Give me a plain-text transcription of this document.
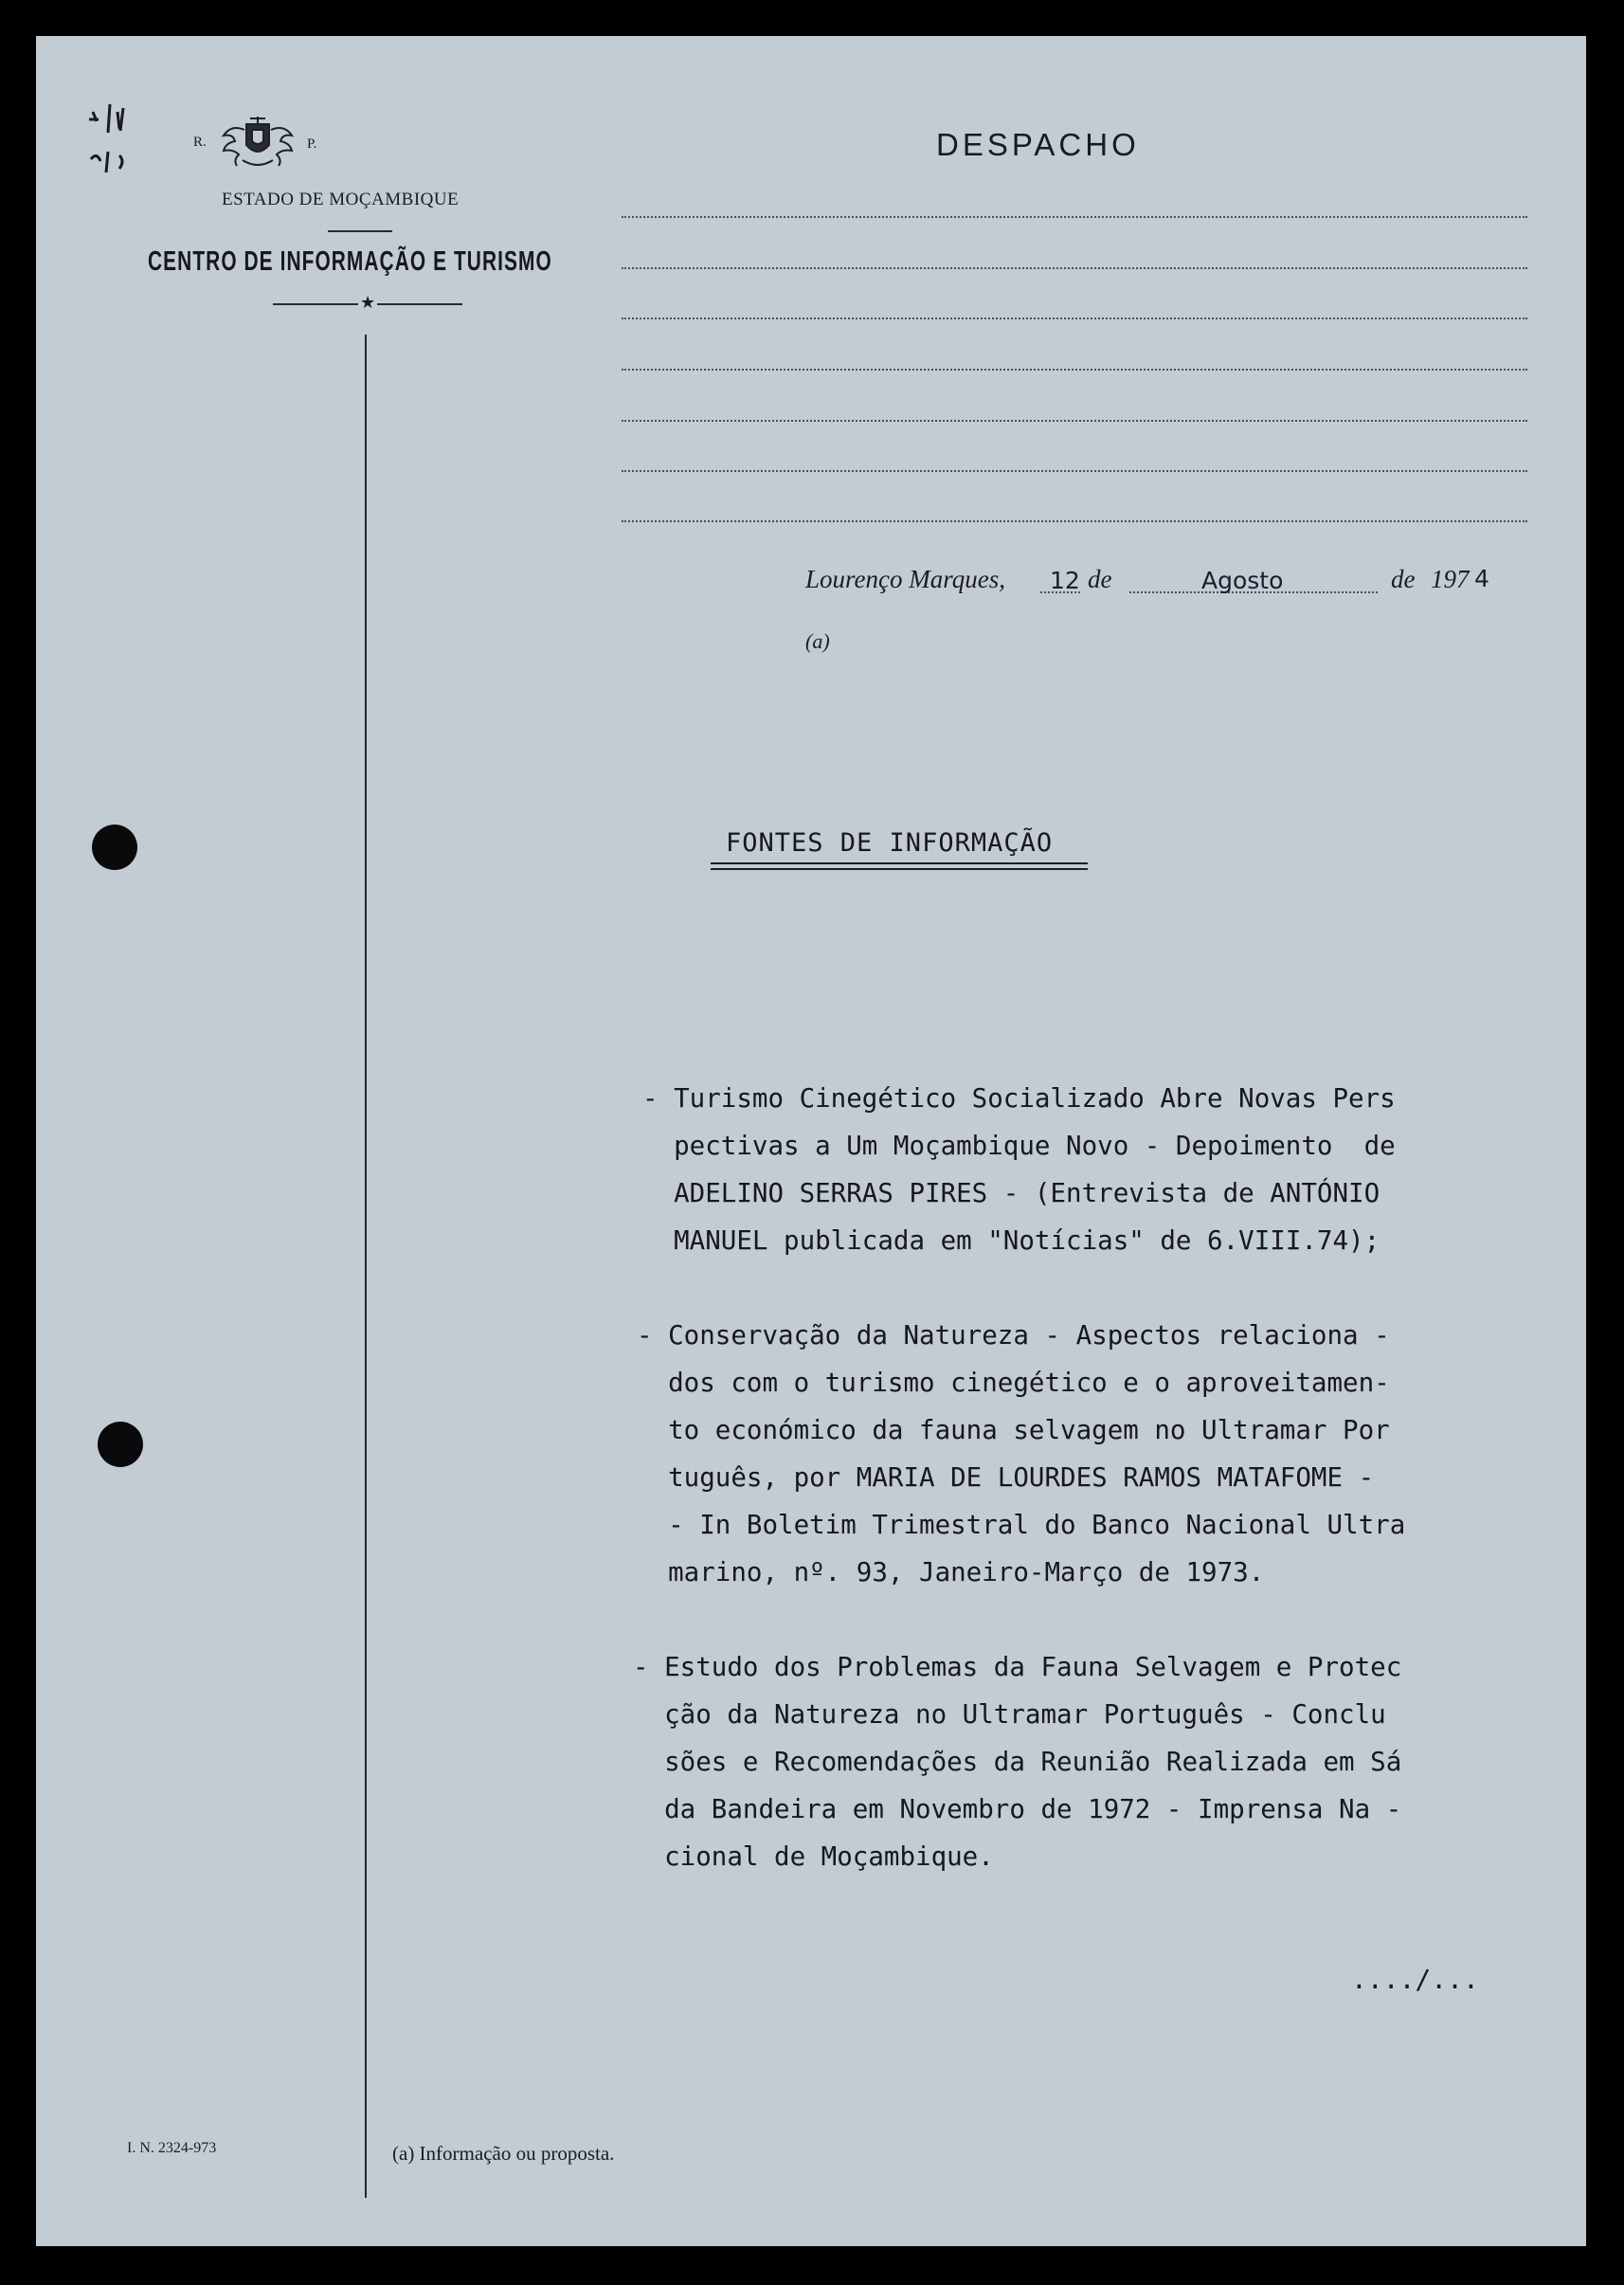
R.	P.
ESTADO DE MOÇAMBIQUE
CENTRO DE INFORMAÇÃO E TURISMO
★
DESPACHO
Lourenço Marques, 12 de	Agosto	de 197 4
(a)
FONTES DE INFORMAÇÃO
- Turismo Cinegético Socializado Abre Novas Pers
pectivas a Um Moçambique Novo - Depoimento  de
ADELINO SERRAS PIRES - (Entrevista de ANTÓNIO
MANUEL publicada em "Notícias" de 6.VIII.74);
- Conservação da Natureza - Aspectos relaciona -
dos com o turismo cinegético e o aproveitamen-
to económico da fauna selvagem no Ultramar Por
tuguês, por MARIA DE LOURDES RAMOS MATAFOME -
- In Boletim Trimestral do Banco Nacional Ultra
marino, nº. 93, Janeiro-Março de 1973.
- Estudo dos Problemas da Fauna Selvagem e Protec
ção da Natureza no Ultramar Português - Conclu
sões e Recomendações da Reunião Realizada em Sá
da Bandeira em Novembro de 1972 - Imprensa Na -
cional de Moçambique.
..../...
I. N. 2324-973	(a) Informação ou proposta.
